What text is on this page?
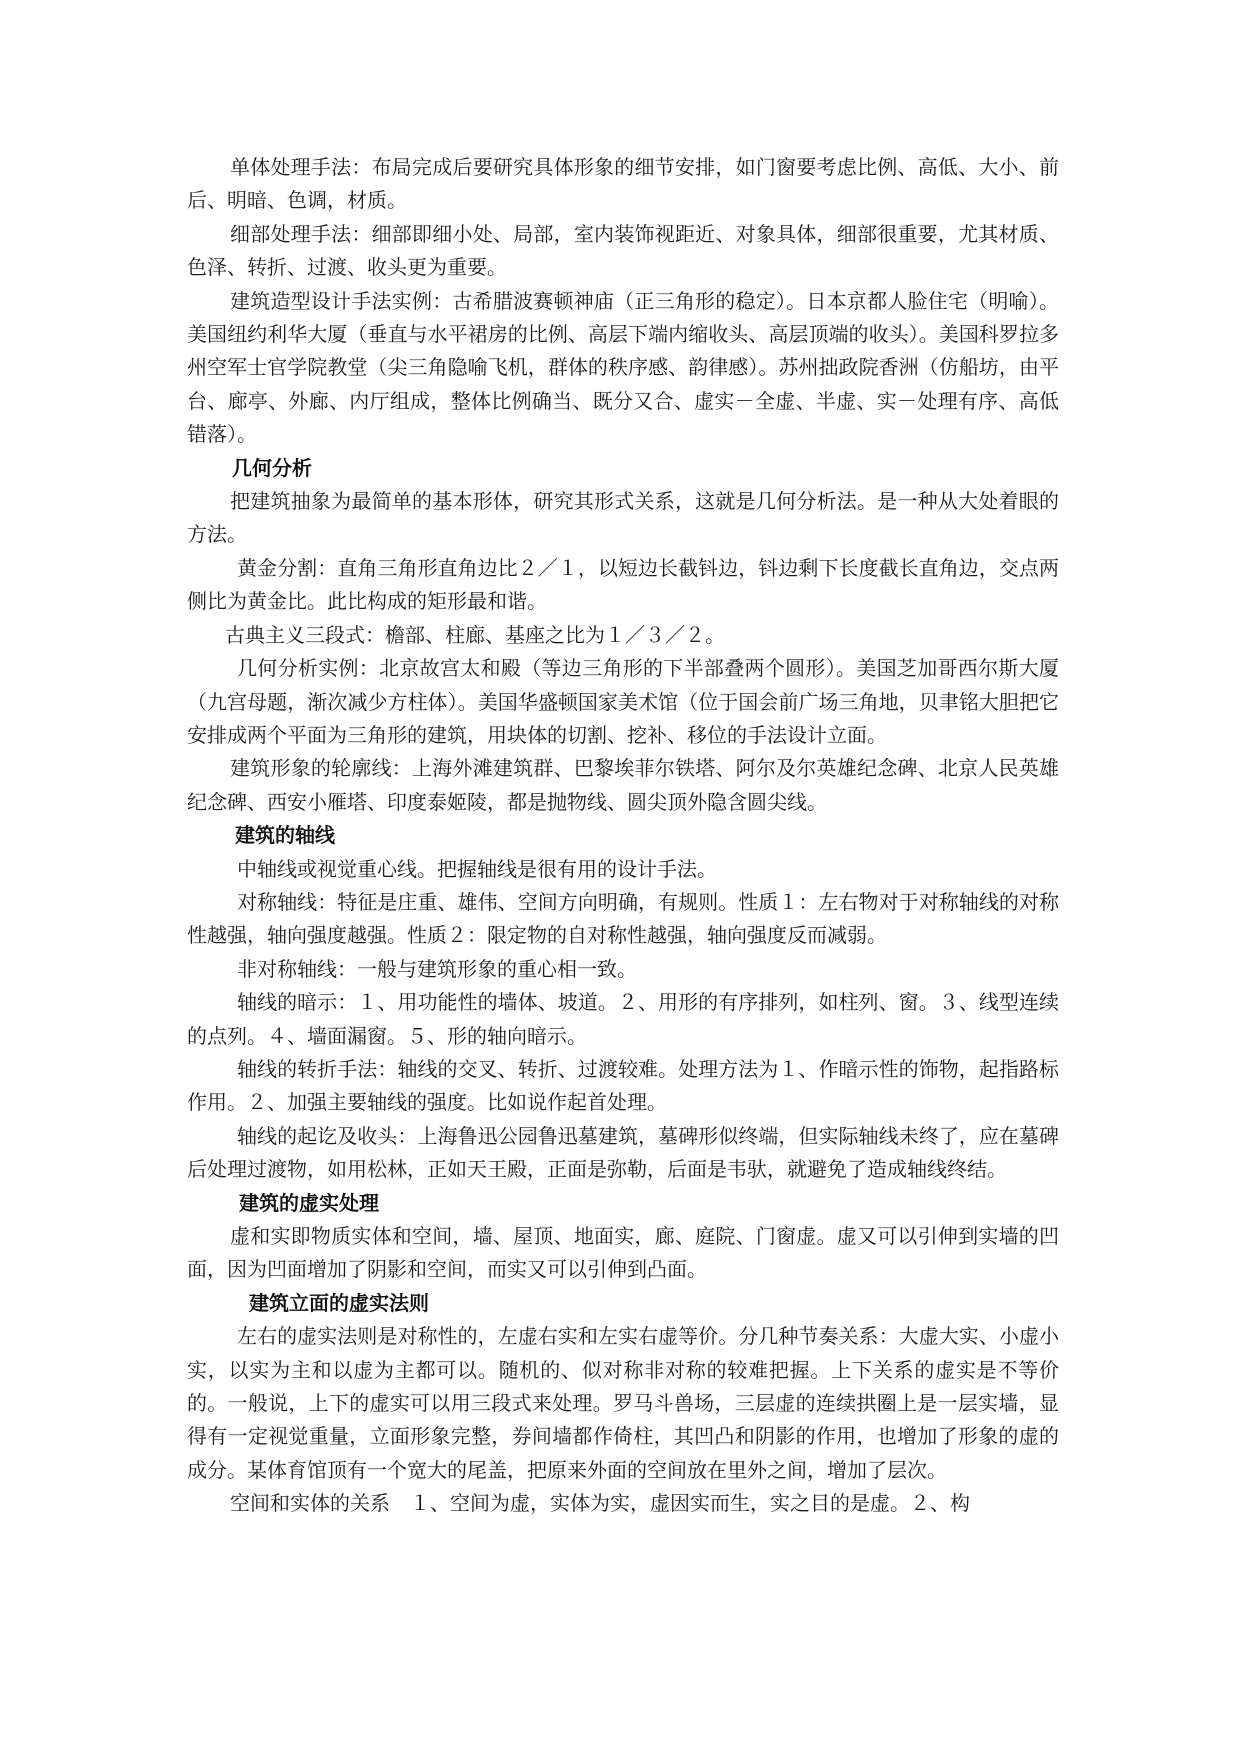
单体处理手法：布局完成后要研究具体形象的细节安排，如门窗要考虑比例、高低、大小、前后、明暗、色调，材质。

细部处理手法：细部即细小处、局部，室内装饰视距近、对象具体，细部很重要，尤其材质、色泽、转折、过渡、收头更为重要。

建筑造型设计手法实例：古希腊波赛顿神庙（正三角形的稳定）。日本京都人脸住宅（明喻）。美国纽约利华大厦（垂直与水平裙房的比例、高层下端内缩收头、高层顶端的收头）。美国科罗拉多州空军士官学院教堂（尖三角隐喻飞机，群体的秩序感、韵律感）。苏州拙政院香洲（仿船坊，由平台、廊亭、外廊、内厅组成，整体比例确当、既分又合、虚实－全虚、半虚、实－处理有序、高低错落）。

几何分析

把建筑抽象为最简单的基本形体，研究其形式关系，这就是几何分析法。是一种从大处着眼的方法。

黄金分割：直角三角形直角边比２／１，以短边长截钭边，钭边剩下长度截长直角边，交点两侧比为黄金比。此比构成的矩形最和谐。

古典主义三段式：檐部、柱廊、基座之比为１／３／２。

几何分析实例：北京故宫太和殿（等边三角形的下半部叠两个圆形）。美国芝加哥西尔斯大厦（九宫母题，渐次减少方柱体）。美国华盛顿国家美术馆（位于国会前广场三角地，贝聿铭大胆把它安排成两个平面为三角形的建筑，用块体的切割、挖补、移位的手法设计立面。

建筑形象的轮廓线：上海外滩建筑群、巴黎埃菲尔铁塔、阿尔及尔英雄纪念碑、北京人民英雄纪念碑、西安小雁塔、印度泰姬陵，都是抛物线、圆尖顶外隐含圆尖线。

建筑的轴线

中轴线或视觉重心线。把握轴线是很有用的设计手法。

对称轴线：特征是庄重、雄伟、空间方向明确，有规则。性质１：左右物对于对称轴线的对称性越强，轴向强度越强。性质２：限定物的自对称性越强，轴向强度反而减弱。

非对称轴线：一般与建筑形象的重心相一致。

轴线的暗示：１、用功能性的墙体、坡道。２、用形的有序排列，如柱列、窗。３、线型连续的点列。４、墙面漏窗。５、形的轴向暗示。

轴线的转折手法：轴线的交叉、转折、过渡较难。处理方法为１、作暗示性的饰物，起指路标作用。２、加强主要轴线的强度。比如说作起首处理。

轴线的起讫及收头：上海鲁迅公园鲁迅墓建筑，墓碑形似终端，但实际轴线未终了，应在墓碑后处理过渡物，如用松林，正如天王殿，正面是弥勒，后面是韦驮，就避免了造成轴线终结。

建筑的虚实处理

虚和实即物质实体和空间，墙、屋顶、地面实，廊、庭院、门窗虚。虚又可以引伸到实墙的凹面，因为凹面增加了阴影和空间，而实又可以引伸到凸面。

建筑立面的虚实法则

左右的虚实法则是对称性的，左虚右实和左实右虚等价。分几种节奏关系：大虚大实、小虚小实，以实为主和以虚为主都可以。随机的、似对称非对称的较难把握。上下关系的虚实是不等价的。一般说，上下的虚实可以用三段式来处理。罗马斗兽场，三层虚的连续拱圈上是一层实墙，显得有一定视觉重量，立面形象完整，券间墙都作倚柱，其凹凸和阴影的作用，也增加了形象的虚的成分。某体育馆顶有一个宽大的尾盖，把原来外面的空间放在里外之间，增加了层次。

空间和实体的关系　１、空间为虚，实体为实，虚因实而生，实之目的是虚。２、构
